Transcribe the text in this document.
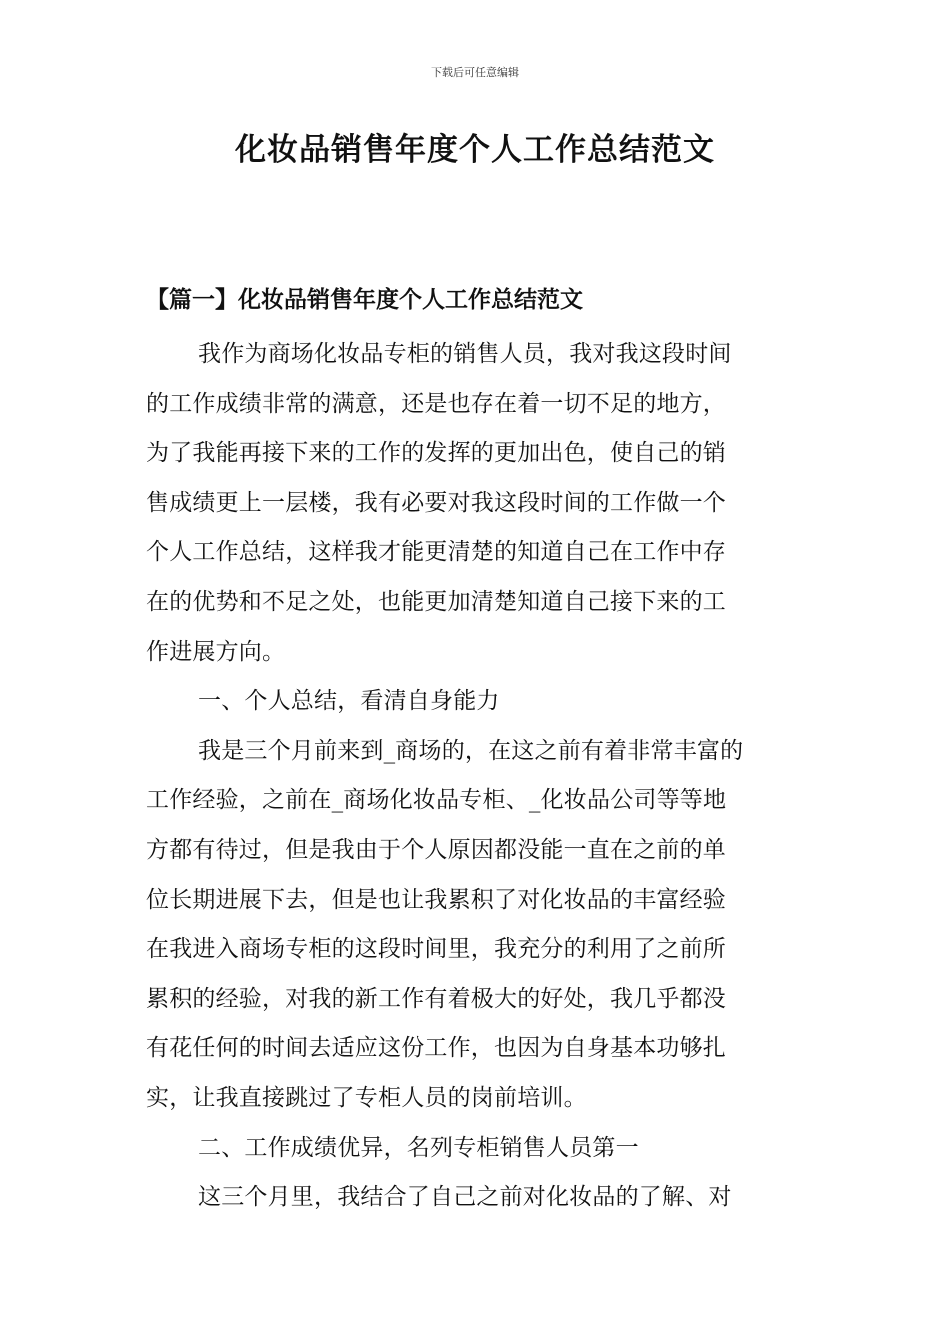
下载后可任意编辑
化妆品销售年度个人工作总结范文
【篇一】化妆品销售年度个人工作总结范文
我作为商场化妆品专柜的销售人员，我对我这段时间
的工作成绩非常的满意，还是也存在着一切不足的地方，
为了我能再接下来的工作的发挥的更加出色，使自己的销
售成绩更上一层楼，我有必要对我这段时间的工作做一个
个人工作总结，这样我才能更清楚的知道自己在工作中存
在的优势和不足之处，也能更加清楚知道自己接下来的工
作进展方向。
一、个人总结，看清自身能力
我是三个月前来到_商场的，在这之前有着非常丰富的
工作经验，之前在_商场化妆品专柜、_化妆品公司等等地
方都有待过，但是我由于个人原因都没能一直在之前的单
位长期进展下去，但是也让我累积了对化妆品的丰富经验
在我进入商场专柜的这段时间里，我充分的利用了之前所
累积的经验，对我的新工作有着极大的好处，我几乎都没
有花任何的时间去适应这份工作，也因为自身基本功够扎
实，让我直接跳过了专柜人员的岗前培训。
二、工作成绩优异，名列专柜销售人员第一
这三个月里，我结合了自己之前对化妆品的了解、对
